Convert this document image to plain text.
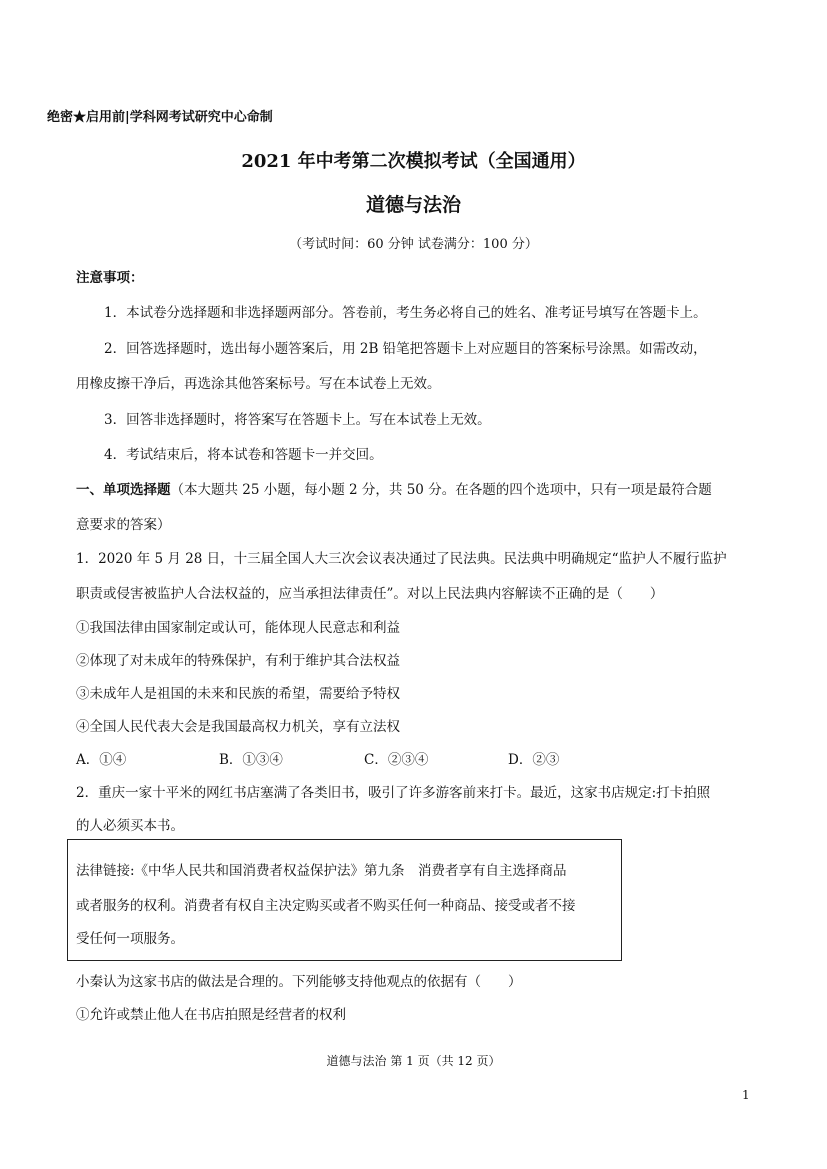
绝密★启用前|学科网考试研究中心命制
2021 年中考第二次模拟考试（全国通用）
道德与法治
（考试时间：60 分钟 试卷满分：100 分）
注意事项：
1．本试卷分选择题和非选择题两部分。答卷前，考生务必将自己的姓名、准考证号填写在答题卡上。
2．回答选择题时，选出每小题答案后，用 2B 铅笔把答题卡上对应题目的答案标号涂黑。如需改动，
用橡皮擦干净后，再选涂其他答案标号。写在本试卷上无效。
3．回答非选择题时，将答案写在答题卡上。写在本试卷上无效。
4．考试结束后，将本试卷和答题卡一并交回。
一、单项选择题（本大题共 25 小题，每小题 2 分，共 50 分。在各题的四个选项中，只有一项是最符合题
意要求的答案）
1．2020 年 5 月 28 日，十三届全国人大三次会议表决通过了民法典。民法典中明确规定“监护人不履行监护
职责或侵害被监护人合法权益的，应当承担法律责任”。对以上民法典内容解读不正确的是（　　）
①我国法律由国家制定或认可，能体现人民意志和利益
②体现了对未成年的特殊保护，有利于维护其合法权益
③未成年人是祖国的未来和民族的希望，需要给予特权
④全国人民代表大会是我国最高权力机关，享有立法权
A．①④	B．①③④	C．②③④	D．②③
2．重庆一家十平米的网红书店塞满了各类旧书，吸引了许多游客前来打卡。最近，这家书店规定:打卡拍照
的人必须买本书。
法律链接:《中华人民共和国消费者权益保护法》第九条　消费者享有自主选择商品
或者服务的权利。消费者有权自主决定购买或者不购买任何一种商品、接受或者不接
受任何一项服务。
小秦认为这家书店的做法是合理的。下列能够支持他观点的依据有（　　）
①允许或禁止他人在书店拍照是经营者的权利
道德与法治 第 1 页（共 12 页）
1
